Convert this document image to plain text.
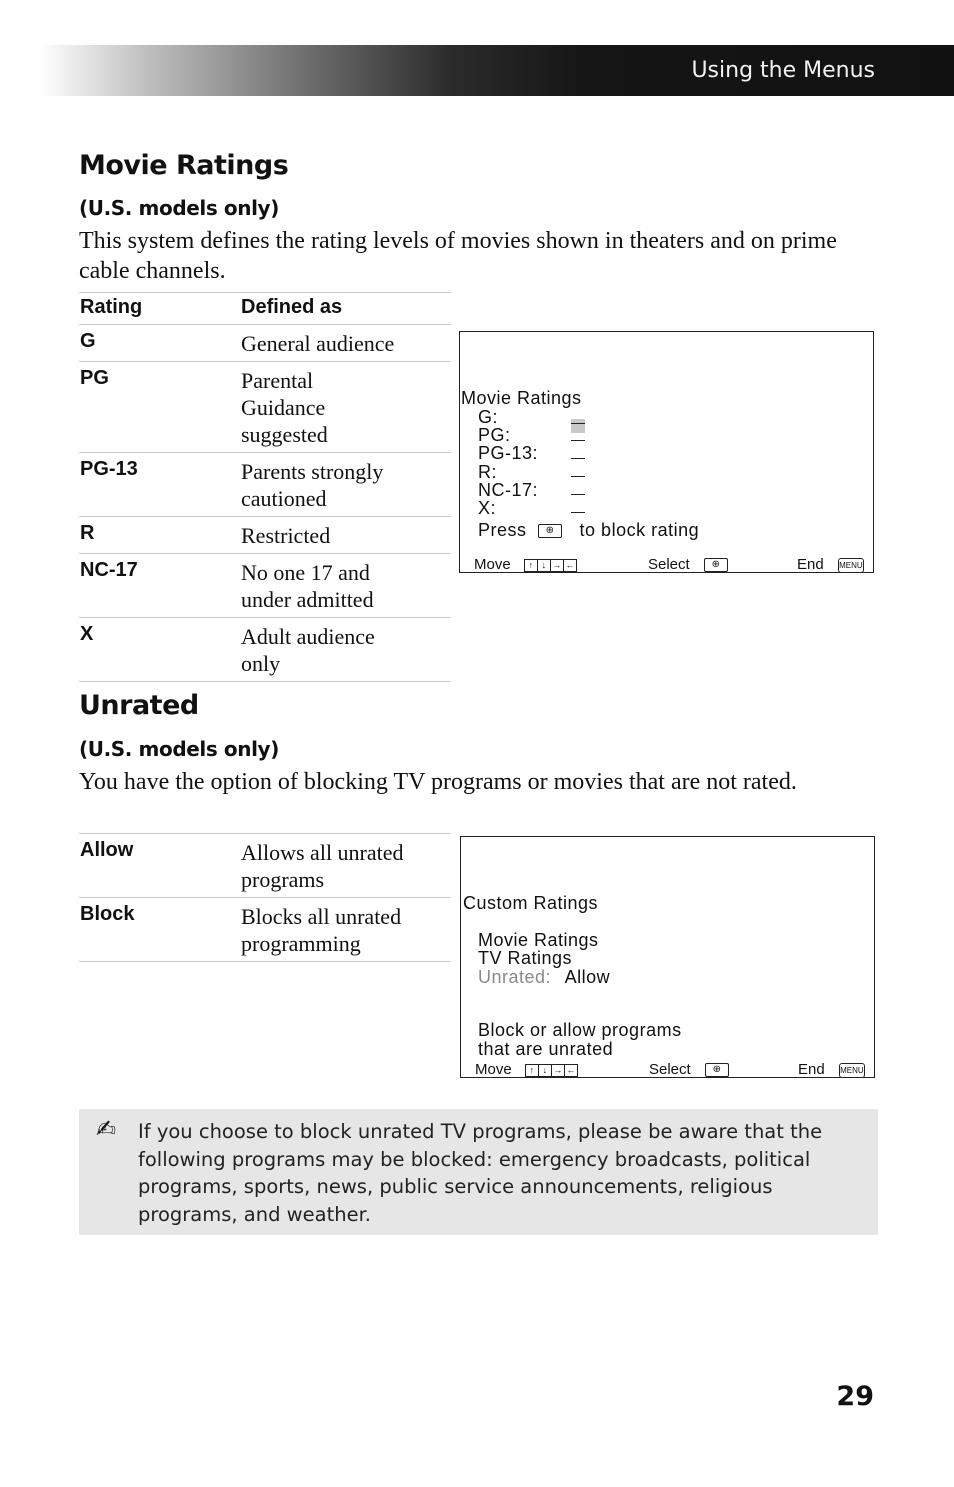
Using the Menus
Movie Ratings
(U.S. models only)

This system defines the rating levels of movies shown in theaters and on prime cable channels.

Rating	Defined as
G	General audience
PG	Parental Guidance suggested
PG-13	Parents strongly cautioned
R	Restricted
NC-17	No one 17 and under admitted
X	Adult audience only
Movie Ratings
G:
PG:
PG-13:
R:
NC-17:
X:
Press ⊕ to block rating
Move ↑ ↓ → ←	Select ⊕	End MENU
Unrated
(U.S. models only)

You have the option of blocking TV programs or movies that are not rated.

Allow	Allows all unrated programs
Block	Blocks all unrated programming
Custom Ratings
Movie Ratings
TV Ratings
Unrated: Allow
Block or allow programs
that are unrated
Move ↑ ↓ → ←	Select ⊕	End MENU
✍ If you choose to block unrated TV programs, please be aware that the following programs may be blocked: emergency broadcasts, political programs, sports, news, public service announcements, religious programs, and weather.

29
